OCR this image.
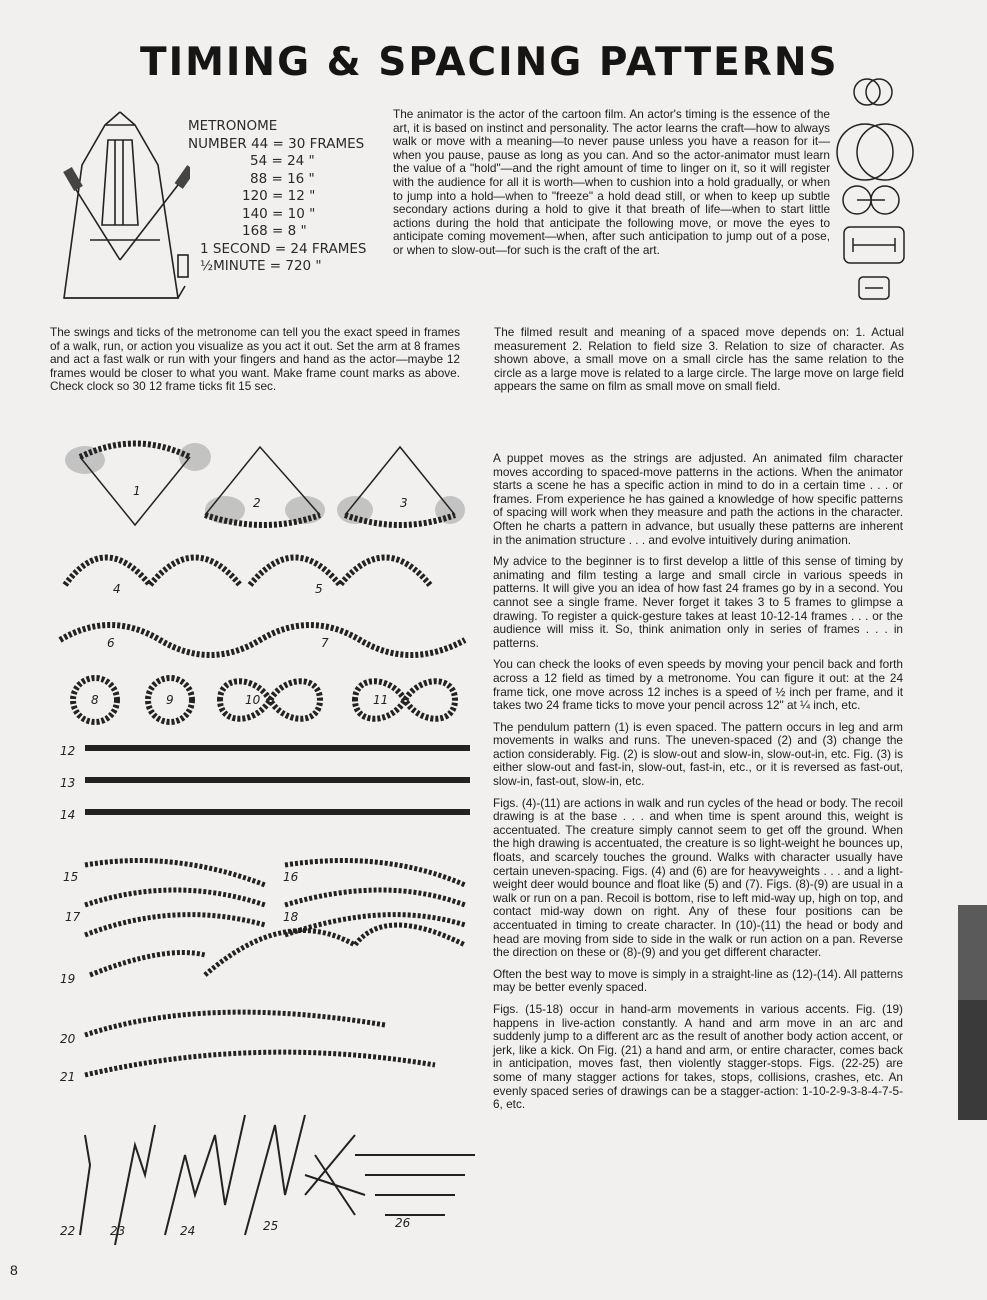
TIMING & SPACING PATTERNS
METRONOME
NUMBER 44 = 30 FRAMES
54 = 24 "
88 = 16 "
120 = 12 "
140 = 10 "
168 = 8 "
1 SECOND = 24 FRAMES
½MINUTE = 720 "

The animator is the actor of the cartoon film. An actor's timing is the essence of the art, it is based on instinct and personality. The actor learns the craft—how to always walk or move with a meaning—to never pause unless you have a reason for it—when you pause, pause as long as you can. And so the actor-animator must learn the value of a "hold"—and the right amount of time to linger on it, so it will register with the audience for all it is worth—when to cushion into a hold gradually, or when to jump into a hold—when to "freeze" a hold dead still, or when to keep up subtle secondary actions during a hold to give it that breath of life—when to start little actions during the hold that anticipate the following move, or move the eyes to anticipate coming movement—when, after such anticipation to jump out of a pose, or when to slow-out—for such is the craft of the art.

The swings and ticks of the metronome can tell you the exact speed in frames of a walk, run, or action you visualize as you act it out. Set the arm at 8 frames and act a fast walk or run with your fingers and hand as the actor—maybe 12 frames would be closer to what you want. Make frame count marks as above. Check clock so 30 12 frame ticks fit 15 sec.

The filmed result and meaning of a spaced move depends on: 1. Actual measurement 2. Relation to field size 3. Relation to size of character. As shown above, a small move on a small circle has the same relation to the circle as a large move is related to a large circle. The large move on large field appears the same on film as small move on small field.

A puppet moves as the strings are adjusted. An animated film character moves according to spaced-move patterns in the actions. When the animator starts a scene he has a specific action in mind to do in a certain time . . . or frames. From experience he has gained a knowledge of how specific patterns of spacing will work when they measure and path the actions in the character. Often he charts a pattern in advance, but usually these patterns are inherent in the animation structure . . . and evolve intuitively during animation.

My advice to the beginner is to first develop a little of this sense of timing by animating and film testing a large and small circle in various speeds in patterns. It will give you an idea of how fast 24 frames go by in a second. You cannot see a single frame. Never forget it takes 3 to 5 frames to glimpse a drawing. To register a quick-gesture takes at least 10-12-14 frames . . . or the audience will miss it. So, think animation only in series of frames . . . in patterns.

You can check the looks of even speeds by moving your pencil back and forth across a 12 field as timed by a metronome. You can figure it out: at the 24 frame tick, one move across 12 inches is a speed of ½ inch per frame, and it takes two 24 frame ticks to move your pencil across 12" at ¼ inch, etc.

The pendulum pattern (1) is even spaced. The pattern occurs in leg and arm movements in walks and runs. The uneven-spaced (2) and (3) change the action considerably. Fig. (2) is slow-out and slow-in, slow-out-in, etc. Fig. (3) is either slow-out and fast-in, slow-out, fast-in, etc., or it is reversed as fast-out, slow-in, fast-out, slow-in, etc.

Figs. (4)-(11) are actions in walk and run cycles of the head or body. The recoil drawing is at the base . . . and when time is spent around this, weight is accentuated. The creature simply cannot seem to get off the ground. When the high drawing is accentuated, the creature is so light-weight he bounces up, floats, and scarcely touches the ground. Walks with character usually have certain uneven-spacing. Figs. (4) and (6) are for heavyweights . . . and a light-weight deer would bounce and float like (5) and (7). Figs. (8)-(9) are usual in a walk or run on a pan. Recoil is bottom, rise to left mid-way up, high on top, and contact mid-way down on right. Any of these four positions can be accentuated in timing to create character. In (10)-(11) the head or body and head are moving from side to side in the walk or run action on a pan. Reverse the direction on these or (8)-(9) and you get different character.

Often the best way to move is simply in a straight-line as (12)-(14). All patterns may be better evenly spaced.

Figs. (15-18) occur in hand-arm movements in various accents. Fig. (19) happens in live-action constantly. A hand and arm move in an arc and suddenly jump to a different arc as the result of another body action accent, or jerk, like a kick. On Fig. (21) a hand and arm, or entire character, comes back in anticipation, moves fast, then violently stagger-stops. Figs. (22-25) are some of many stagger actions for takes, stops, collisions, crashes, etc. An evenly spaced series of drawings can be a stagger-action: 1-10-2-9-3-8-4-7-5-6, etc.

1
2	3
4	5
6	7
8	9	10	11
12
13
14
15	16
17	18
19
20
21
22	23	24	25	26
8
